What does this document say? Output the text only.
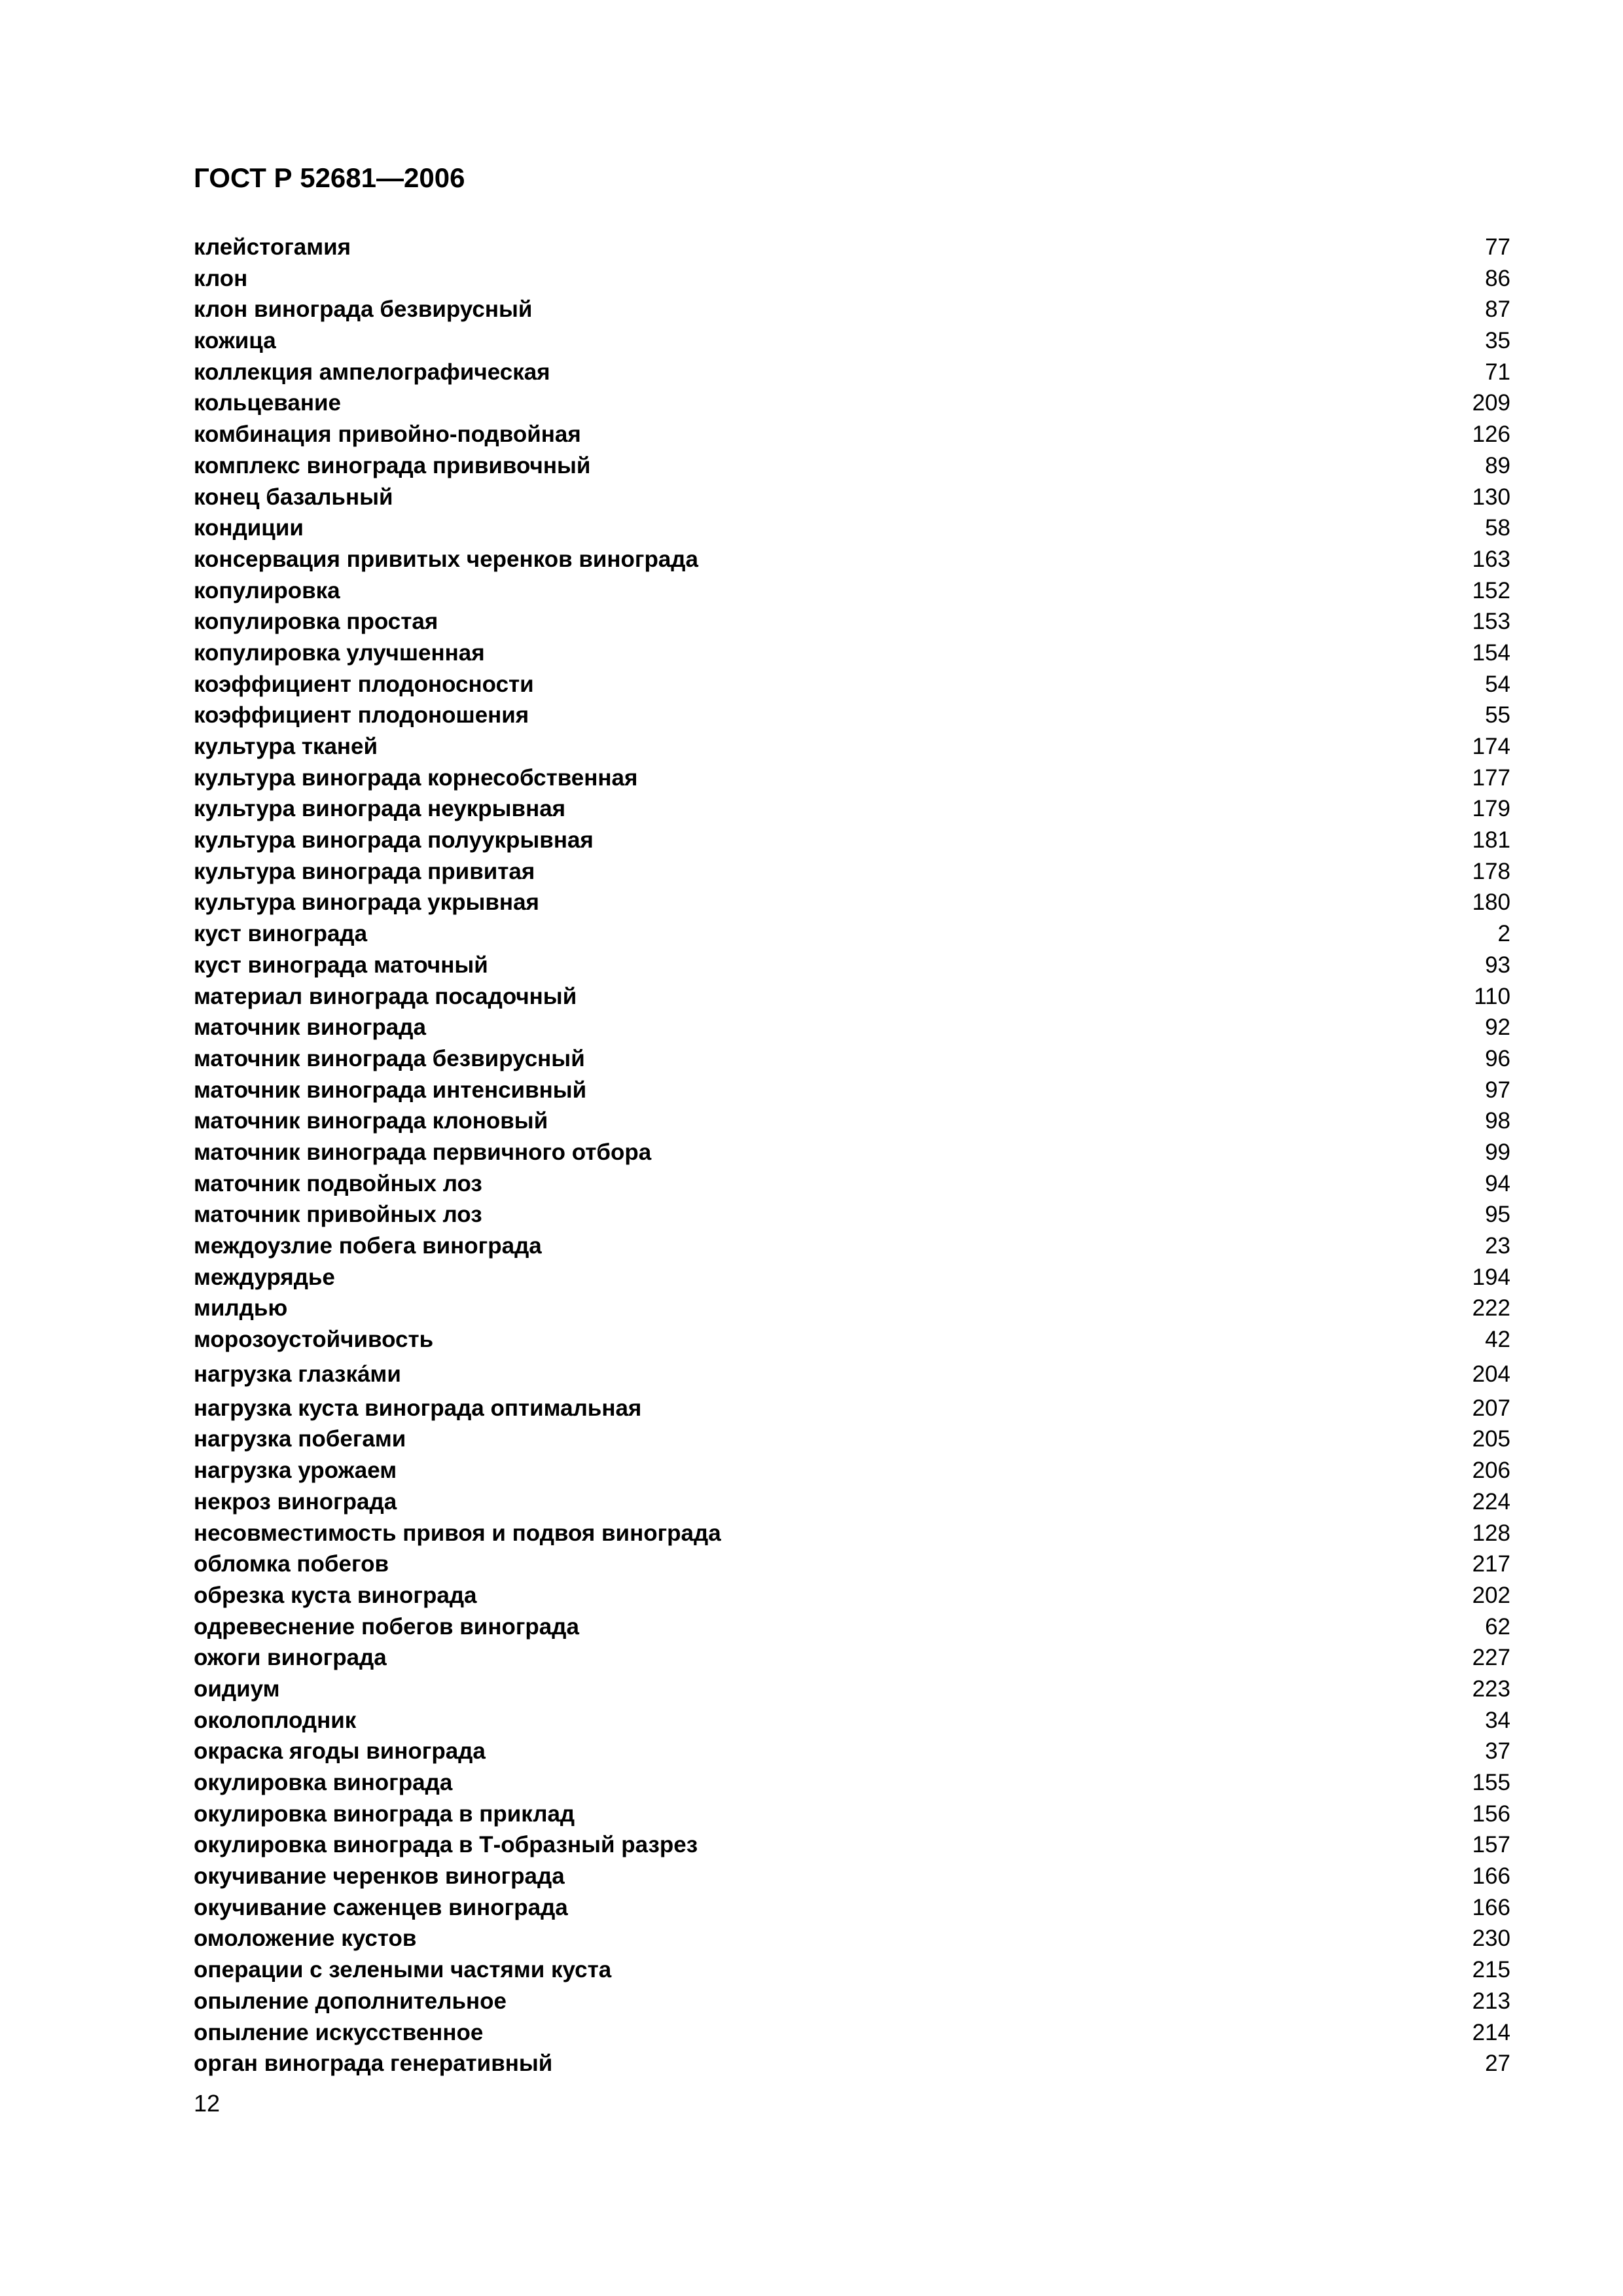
ГОСТ Р 52681—2006
клейстогамия	77
клон	86
клон винограда безвирусный	87
кожица	35
коллекция ампелографическая	71
кольцевание	209
комбинация привойно-подвойная	126
комплекс винограда прививочный	89
конец базальный	130
кондиции	58
консервация привитых черенков винограда	163
копулировка	152
копулировка простая	153
копулировка улучшенная	154
коэффициент плодоносности	54
коэффициент плодоношения	55
культура тканей	174
культура винограда корнесобственная	177
культура винограда неукрывная	179
культура винограда полуукрывная	181
культура винограда привитая	178
культура винограда укрывная	180
куст винограда	2
куст винограда маточный	93
материал винограда посадочный	110
маточник винограда	92
маточник винограда безвирусный	96
маточник винограда интенсивный	97
маточник винограда клоновый	98
маточник винограда первичного отбора	99
маточник подвойных лоз	94
маточник привойных лоз	95
междоузлие побега винограда	23
междурядье	194
милдью	222
морозоустойчивость	42
нагрузка глазка́ми	204
нагрузка куста винограда оптимальная	207
нагрузка побегами	205
нагрузка урожаем	206
некроз винограда	224
несовместимость привоя и подвоя винограда	128
обломка побегов	217
обрезка куста винограда	202
одревеснение побегов винограда	62
ожоги винограда	227
оидиум	223
околоплодник	34
окраска ягоды винограда	37
окулировка винограда	155
окулировка винограда в приклад	156
окулировка винограда в Т-образный разрез	157
окучивание черенков винограда	166
окучивание саженцев винограда	166
омоложение кустов	230
операции с зелеными частями куста	215
опыление дополнительное	213
опыление искусственное	214
орган винограда генеративный	27
12
